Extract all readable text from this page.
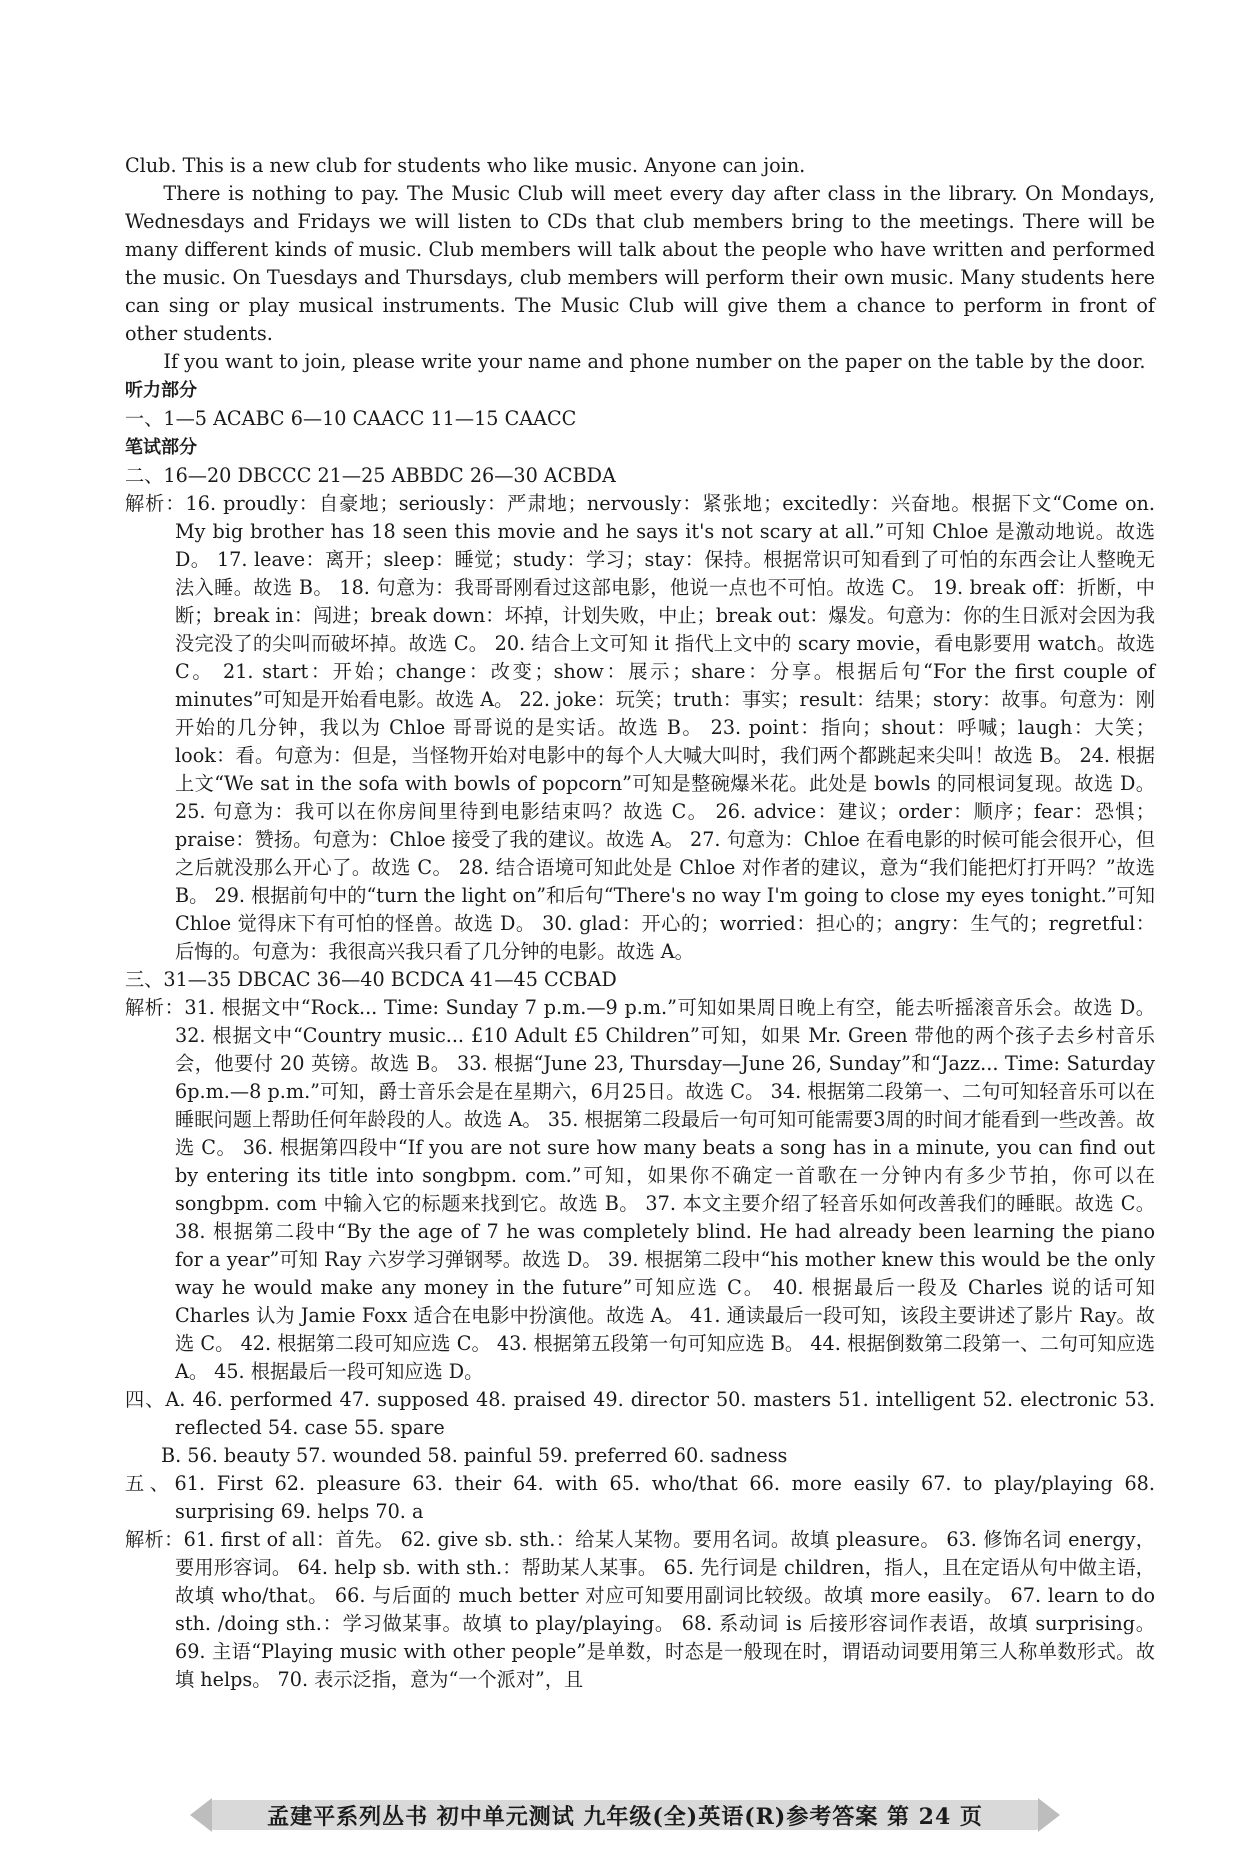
Club. This is a new club for students who like music. Anyone can join.

There is nothing to pay. The Music Club will meet every day after class in the library. On Mondays, Wednesdays and Fridays we will listen to CDs that club members bring to the meetings. There will be many different kinds of music. Club members will talk about the people who have written and performed the music. On Tuesdays and Thursdays, club members will perform their own music. Many students here can sing or play musical instruments. The Music Club will give them a chance to perform in front of other students.

If you want to join, please write your name and phone number on the paper on the table by the door.

听力部分
一、1—5 ACABC 6—10 CAACC 11—15 CAACC
笔试部分
二、16—20 DBCCC 21—25 ABBDC 26—30 ACBDA

解析：16. proudly：自豪地；seriously：严肃地；nervously：紧张地；excitedly：兴奋地。根据下文“Come on. My big brother has 18 seen this movie and he says it's not scary at all.”可知 Chloe 是激动地说。故选 D。 17. leave：离开；sleep：睡觉；study：学习；stay：保持。根据常识可知看到了可怕的东西会让人整晚无法入睡。故选 B。 18. 句意为：我哥哥刚看过这部电影，他说一点也不可怕。故选 C。 19. break off：折断，中断；break in：闯进；break down：坏掉，计划失败，中止；break out：爆发。句意为：你的生日派对会因为我没完没了的尖叫而破坏掉。故选 C。 20. 结合上文可知 it 指代上文中的 scary movie，看电影要用 watch。故选 C。 21. start：开始；change：改变；show：展示；share：分享。根据后句“For the first couple of minutes”可知是开始看电影。故选 A。 22. joke：玩笑；truth：事实；result：结果；story：故事。句意为：刚开始的几分钟，我以为 Chloe 哥哥说的是实话。故选 B。 23. point：指向；shout：呼喊；laugh：大笑；look：看。句意为：但是，当怪物开始对电影中的每个人大喊大叫时，我们两个都跳起来尖叫！故选 B。 24. 根据上文“We sat in the sofa with bowls of popcorn”可知是整碗爆米花。此处是 bowls 的同根词复现。故选 D。 25. 句意为：我可以在你房间里待到电影结束吗？故选 C。 26. advice：建议；order：顺序；fear：恐惧；praise：赞扬。句意为：Chloe 接受了我的建议。故选 A。 27. 句意为：Chloe 在看电影的时候可能会很开心，但之后就没那么开心了。故选 C。 28. 结合语境可知此处是 Chloe 对作者的建议，意为“我们能把灯打开吗？”故选 B。 29. 根据前句中的“turn the light on”和后句“There's no way I'm going to close my eyes tonight.”可知 Chloe 觉得床下有可怕的怪兽。故选 D。 30. glad：开心的；worried：担心的；angry：生气的；regretful：后悔的。句意为：我很高兴我只看了几分钟的电影。故选 A。

三、31—35 DBCAC 36—40 BCDCA 41—45 CCBAD

解析：31. 根据文中“Rock... Time: Sunday 7 p.m.—9 p.m.”可知如果周日晚上有空，能去听摇滚音乐会。故选 D。 32. 根据文中“Country music... £10 Adult £5 Children”可知，如果 Mr. Green 带他的两个孩子去乡村音乐会，他要付 20 英镑。故选 B。 33. 根据“June 23, Thursday—June 26, Sunday”和“Jazz... Time: Saturday 6p.m.—8 p.m.”可知，爵士音乐会是在星期六，6月25日。故选 C。 34. 根据第二段第一、二句可知轻音乐可以在睡眠问题上帮助任何年龄段的人。故选 A。 35. 根据第二段最后一句可知可能需要3周的时间才能看到一些改善。故选 C。 36. 根据第四段中“If you are not sure how many beats a song has in a minute, you can find out by entering its title into songbpm. com.”可知，如果你不确定一首歌在一分钟内有多少节拍，你可以在 songbpm. com 中输入它的标题来找到它。故选 B。 37. 本文主要介绍了轻音乐如何改善我们的睡眠。故选 C。 38. 根据第二段中“By the age of 7 he was completely blind. He had already been learning the piano for a year”可知 Ray 六岁学习弹钢琴。故选 D。 39. 根据第二段中“his mother knew this would be the only way he would make any money in the future”可知应选 C。 40. 根据最后一段及 Charles 说的话可知 Charles 认为 Jamie Foxx 适合在电影中扮演他。故选 A。 41. 通读最后一段可知，该段主要讲述了影片 Ray。故选 C。 42. 根据第二段可知应选 C。 43. 根据第五段第一句可知应选 B。 44. 根据倒数第二段第一、二句可知应选 A。 45. 根据最后一段可知应选 D。

四、A. 46. performed 47. supposed 48. praised 49. director 50. masters 51. intelligent 52. electronic 53. reflected 54. case 55. spare

B. 56. beauty 57. wounded 58. painful 59. preferred 60. sadness

五、61. First 62. pleasure 63. their 64. with 65. who/that 66. more easily 67. to play/playing 68. surprising 69. helps 70. a

解析：61. first of all：首先。 62. give sb. sth.：给某人某物。要用名词。故填 pleasure。 63. 修饰名词 energy，要用形容词。 64. help sb. with sth.：帮助某人某事。 65. 先行词是 children，指人，且在定语从句中做主语，故填 who/that。 66. 与后面的 much better 对应可知要用副词比较级。故填 more easily。 67. learn to do sth. /doing sth.：学习做某事。故填 to play/playing。 68. 系动词 is 后接形容词作表语，故填 surprising。 69. 主语“Playing music with other people”是单数，时态是一般现在时，谓语动词要用第三人称单数形式。故填 helps。 70. 表示泛指，意为“一个派对”，且

孟建平系列丛书 初中单元测试 九年级(全)英语(R)参考答案 第 24 页
